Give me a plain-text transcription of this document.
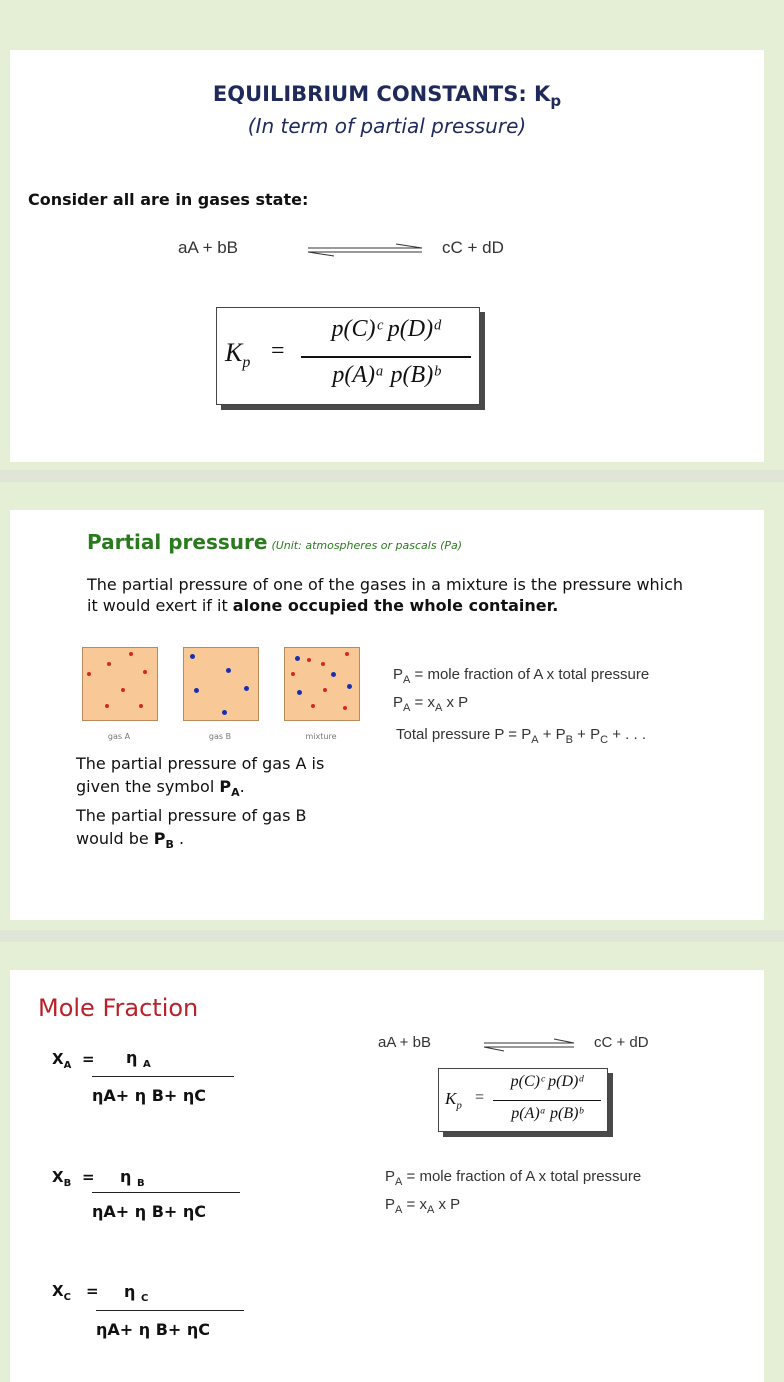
EQUILIBRIUM CONSTANTS: $K_p$
(In term of partial pressure)
Consider all are in gases state:
aA + bB	cC + dD
$K_p$ =
p(C)ᶜ p(D)ᵈ
p(A)ᵃ p(B)ᵇ
Partial pressure (Unit: atmospheres or pascals (Pa)
The partial pressure of one of the gases in a mixture is the pressure which it would exert if it alone occupied the whole container.
gas A	gas B	mixture
$P_A$ = mole fraction of A x total pressure
$P_A = x_A$ x P
Total pressure $P = P_A + P_B + P_C$ + . . .
The partial pressure of gas A is given the symbol $P_A$.
The partial pressure of gas B would be $P_B$ .
Mole Fraction
$X_A = \eta$ $_A$
ηA+ η B+ ηC
$X_B = \eta$ $_B$
ηA+ η B+ ηC
$X_C = \eta$ $_C$
ηA+ η B+ ηC
aA + bB	cC + dD
$K_p$ =
p(C)ᶜ p(D)ᵈ
p(A)ᵃ p(B)ᵇ
$P_A$ = mole fraction of A x total pressure
$P_A = x_A$ x P
